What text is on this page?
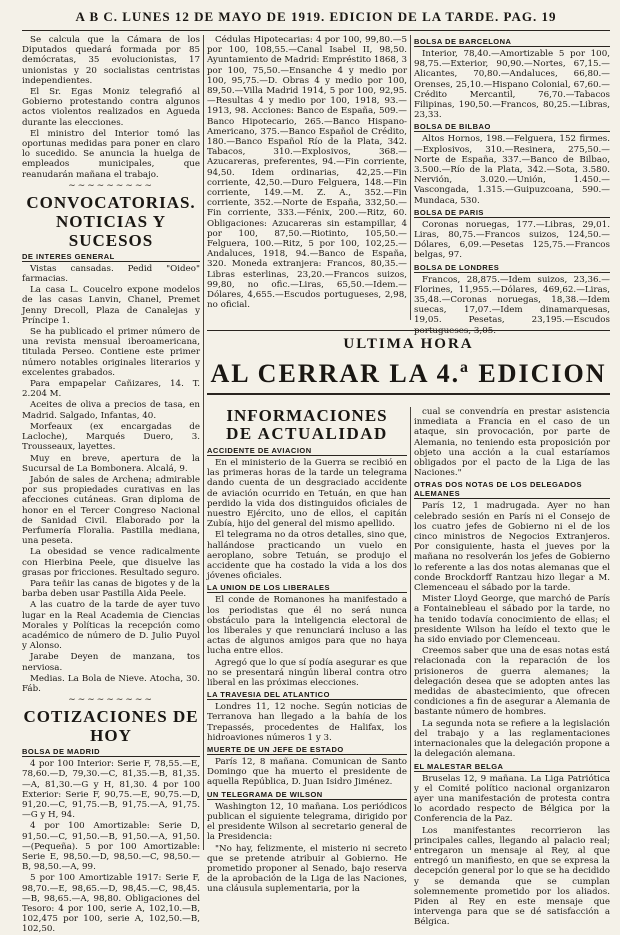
A B C. LUNES 12 DE MAYO DE 1919. EDICION DE LA TARDE. PAG. 19

Se calcula que la Cámara de los Diputados quedará formada por 85 demócratas, 35 evolucionistas, 17 unionistas y 20 socialistas centristas independientes.

El Sr. Egas Moniz telegrafió al Gobierno protestando contra algunos actos violentos realizados en Agueda durante las elecciones.

El ministro del Interior tomó las oportunas medidas para poner en claro lo sucedido. Se anuncia la huelga de empleados municipales, que reanudarán mañana el trabajo.

∼∼∼∼∼∼∼∼∼
CONVOCATORIAS. NOTICIAS Y SUCESOS
DE INTERES GENERAL

Vistas cansadas. Pedid "Oideo" farmacias.

La casa L. Coucelro expone modelos de las casas Lanvin, Chanel, Premet Jenny Drecoll, Plaza de Canalejas y Príncipe 1.

Se ha publicado el primer número de una revista mensual iberoamericana, titulada Perseo. Contiene este primer número notables originales literarios y excelentes grabados.

Para empapelar Cañizares, 14. T. 2.204 M.

Aceites de oliva a precios de tasa, en Madrid. Salgado, Infantas, 40.

Morfeaux (ex encargadas de Lacloche), Marqués Duero, 3. Trousseaux, layettes.

Muy en breve, apertura de la Sucursal de La Bombonera. Alcalá, 9.

Jabón de sales de Archena; admirable por sus propiedades curativas en las afecciones cutáneas. Gran diploma de honor en el Tercer Congreso Nacional de Sanidad Civil. Elaborado por la Perfumería Floralia. Pastilla mediana, una peseta.

La obesidad se vence radicalmente con Hierbina Peele, que disuelve las grasas por fricciones. Resultado seguro.

Para teñir las canas de bigotes y de la barba deben usar Pastilla Aida Peele.

A las cuatro de la tarde de ayer tuvo lugar en la Real Academia de Ciencias Morales y Políticas la recepción como académico de número de D. Julio Puyol y Alonso.

Jarabe Deyen de manzana, tos nerviosa.

Medias. La Bola de Nieve. Atocha, 30. Fáb.

∼∼∼∼∼∼∼∼∼
COTIZACIONES DE HOY
BOLSA DE MADRID

4 por 100 Interior: Serie F, 78,55.—E, 78,60.—D, 79,30.—C, 81,35.—B, 81,35.—A, 81,30.—G y H, 81,30. 4 por 100 Exterior: Serie F, 90,75.—E, 90,75.—D, 91,20.—C, 91,75.—B, 91,75.—A, 91,75.—G y H, 94.

4 por 100 Amortizable: Serie D, 91,50.—C, 91,50.—B, 91,50.—A, 91,50.—(Pequeña). 5 por 100 Amortizable: Serie E, 98,50.—D, 98,50.—C, 98,50.—B, 98,50.—A, 99.

5 por 100 Amortizable 1917: Serie F, 98,70.—E, 98,65.—D, 98,45.—C, 98,45.—B, 98,65.—A, 98,80. Obligaciones del Tesoro: 4 por 100, serie A, 102,10.—B, 102,475 por 100, serie A, 102,50.—B, 102,50.

Cédulas Hipotecarias: 4 por 100, 99,80.—5 por 100, 108,55.—Canal Isabel II, 98,50. Ayuntamiento de Madrid: Empréstito 1868, 3 por 100, 75,50.—Ensanche 4 y medio por 100, 95,75.—D. Obras 4 y medio por 100, 89,50.—Villa Madrid 1914, 5 por 100, 92,95.—Resultas 4 y medio por 100, 1918, 93.—1913, 98. Acciones: Banco de España, 509.—Banco Hipotecario, 265.—Banco Hispano-Americano, 375.—Banco Español de Crédito, 180.—Banco Español Río de la Plata, 342. Tabacos, 310.—Explosivos, 368.—Azucareras, preferentes, 94.—Fin corriente, 94,50. Idem ordinarias, 42,25.—Fin corriente, 42,50.—Duro Felguera, 148.—Fin corriente, 149.—M. Z. A., 352.—Fin corriente, 352.—Norte de España, 332,50.—Fin corriente, 333.—Fénix, 200.—Ritz, 60. Obligaciones: Azucareras sin estampillar, 4 por 100, 87,50.—Riotinto, 105,50.—Felguera, 100.—Ritz, 5 por 100, 102,25.—Andaluces, 1918, 94.—Banco de España, 320. Moneda extranjera: Francos, 80,35.—Libras esterlinas, 23,20.—Francos suizos, 99,80, no ofic.—Liras, 65,50.—Idem.—Dólares, 4,655.—Escudos portugueses, 2,98, no oficial.

BOLSA DE BARCELONA

Interior, 78,40.—Amortizable 5 por 100, 98,75.—Exterior, 90,90.—Nortes, 67,15.—Alicantes, 70,80.—Andaluces, 66,80.—Orenses, 25,10.—Hispano Colonial, 67,60.—Crédito Mercantil, 76,70.—Tabacos Filipinas, 190,50.—Francos, 80,25.—Libras, 23,33.

BOLSA DE BILBAO

Altos Hornos, 198.—Felguera, 152 firmes.—Explosivos, 310.—Resinera, 275,50.—Norte de España, 337.—Banco de Bilbao, 3.500.—Río de la Plata, 342.—Sota, 3.580. Nervión, 3.020.—Unión, 1.450.—Vascongada, 1.315.—Guipuzcoana, 590.—Mundaca, 530.

BOLSA DE PARIS

Coronas noruegas, 177.—Libras, 29,01. Liras, 80,75.—Francos suizos, 124,50.—Dólares, 6,09.—Pesetas 125,75.—Francos belgas, 97.

BOLSA DE LONDRES

Francos, 28,875.—Idem suizos, 23,36.—Florines, 11,955.—Dólares, 469,62.—Liras, 35,48.—Coronas noruegas, 18,38.—Idem suecas, 17,07.—Idem dinamarquesas, 19,05. Pesetas, 23,195.—Escudos portugueses, 3,05.

ULTIMA HORA
AL CERRAR LA 4.ª EDICION
INFORMACIONES
DE ACTUALIDAD
ACCIDENTE DE AVIACION

En el ministerio de la Guerra se recibió en las primeras horas de la tarde un telegrama dando cuenta de un desgraciado accidente de aviación ocurrido en Tetuán, en que han perdido la vida dos distinguidos oficiales de nuestro Ejército, uno de ellos, el capitán Zubía, hijo del general del mismo apellido.

El telegrama no da otros detalles, sino que, hallándose practicando un vuelo en aeroplano, sobre Tetuán, se produjo el accidente que ha costado la vida a los dos jóvenes oficiales.

LA UNION DE LOS LIBERALES

El conde de Romanones ha manifestado a los periodistas que él no será nunca obstáculo para la inteligencia electoral de los liberales y que renunciará incluso a las actas de algunos amigos para que no haya lucha entre ellos.

Agregó que lo que sí podía asegurar es que no se presentará ningún liberal contra otro liberal en las próximas elecciones.

LA TRAVESIA DEL ATLANTICO

Londres 11, 12 noche. Según noticias de Terranova han llegado a la bahía de los Trepassés, procedentes de Halifax, los hidroaviones números 1 y 3.

MUERTE DE UN JEFE DE ESTADO

París 12, 8 mañana. Comunican de Santo Domingo que ha muerto el presidente de aquella República, D. Juan Isidro Jiménez.

UN TELEGRAMA DE WILSON

Washington 12, 10 mañana. Los periódicos publican el siguiente telegrama, dirigido por el presidente Wilson al secretario general de la Presidencia:

"No hay, felizmente, el misterio ni secreto que se pretende atribuir al Gobierno. He prometido proponer al Senado, bajo reserva de la aprobación de la Liga de las Naciones, una cláusula suplementaria, por la

cual se convendría en prestar asistencia inmediata a Francia en el caso de un ataque, sin provocación, por parte de Alemania, no teniendo esta proposición por objeto una acción a la cual estaríamos obligados por el pacto de la Liga de las Naciones."

OTRAS DOS NOTAS DE LOS DELEGADOS ALEMANES

París 12, 1 madrugada. Ayer no han celebrado sesión en París ni el Consejo de los cuatro jefes de Gobierno ni el de los cinco ministros de Negocios Extranjeros. Por consiguiente, hasta el jueves por la mañana no resolverán los jefes de Gobierno lo referente a las dos notas alemanas que el conde Brockdorff Rantzau hizo llegar a M. Clemenceau el sábado por la tarde.

Mister Lloyd George, que marchó de París a Fontainebleau el sábado por la tarde, no ha tenido todavía conocimiento de ellas; el presidente Wilson ha leído el texto que le ha sido enviado por Clemenceau.

Creemos saber que una de esas notas está relacionada con la reparación de los prisioneros de guerra alemanes; la delegación desea que se adopten antes las medidas de abastecimiento, que ofrecen condiciones a fin de asegurar a Alemania de bastante número de hombres.

La segunda nota se refiere a la legislación del trabajo y a las reglamentaciones internacionales que la delegación propone a la delegación alemana.

EL MALESTAR BELGA

Bruselas 12, 9 mañana. La Liga Patriótica y el Comité político nacional organizaron ayer una manifestación de protesta contra lo acordado respecto de Bélgica por la Conferencia de la Paz.

Los manifestantes recorrieron las principales calles, llegando al palacio real; entregaron un mensaje al Rey, al que entregó un manifiesto, en que se expresa la decepción general por lo que se ha decidido y se demanda que se cumplan solemnemente prometido por los aliados. Piden al Rey en este mensaje que intervenga para que se dé satisfacción a Bélgica.
